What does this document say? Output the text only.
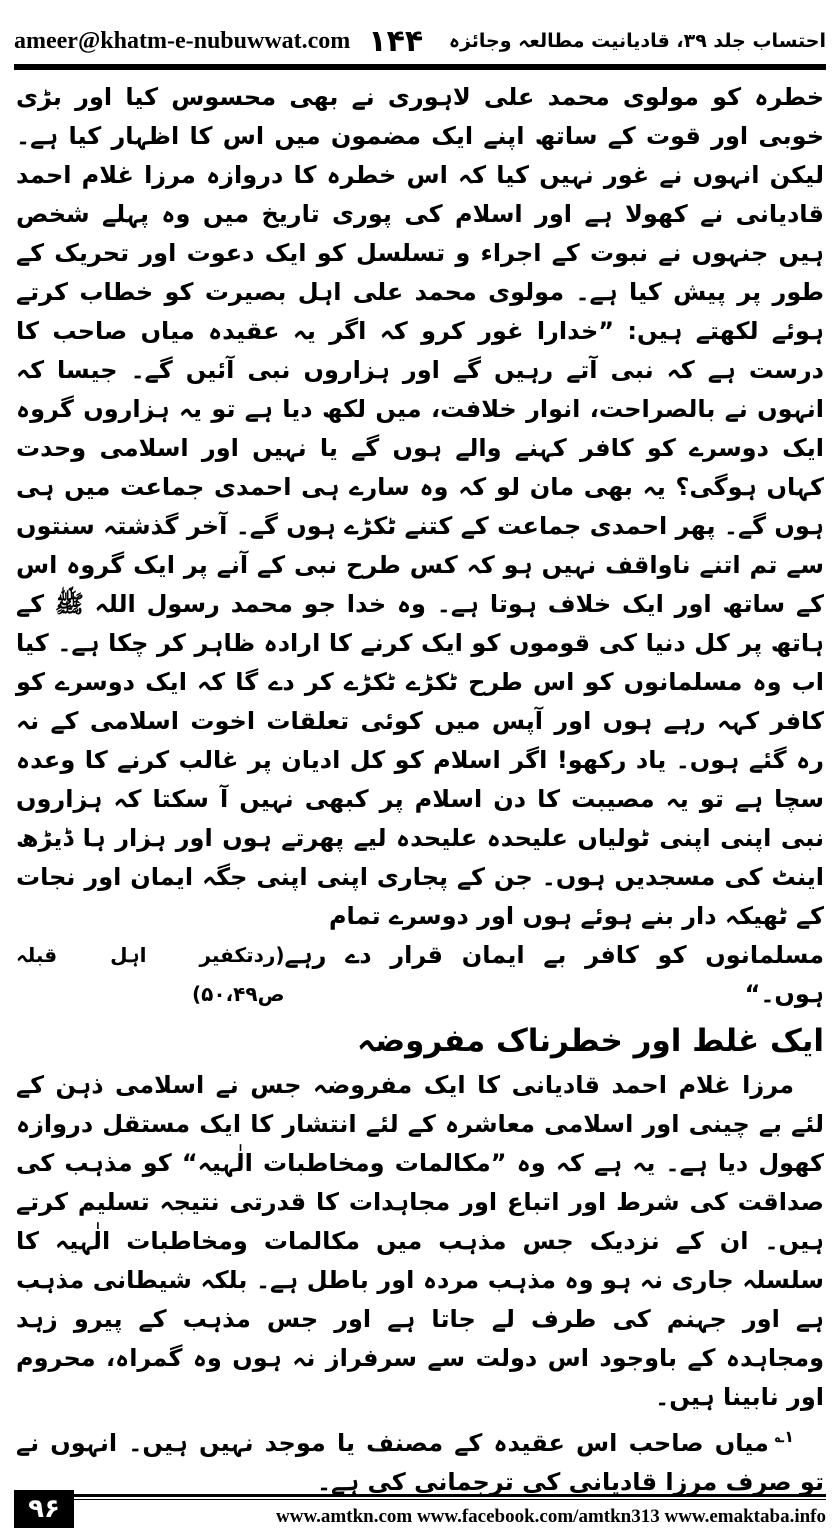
ameer@khatm-e-nubuwwat.com ۱۴۴ احتساب جلد ۳۹، قادیانیت مطالعہ وجائزہ

خطرہ کو مولوی محمد علی لاہوری نے بھی محسوس کیا اور بڑی خوبی اور قوت کے ساتھ اپنے ایک مضمون میں اس کا اظہار کیا ہے۔ لیکن انہوں نے غور نہیں کیا کہ اس خطرہ کا دروازہ مرزا غلام احمد قادیانی نے کھولا ہے اور اسلام کی پوری تاریخ میں وہ پہلے شخص ہیں جنہوں نے نبوت کے اجراء و تسلسل کو ایک دعوت اور تحریک کے طور پر پیش کیا ہے۔ مولوی محمد علی اہل بصیرت کو خطاب کرتے ہوئے لکھتے ہیں: ”خدارا غور کرو کہ اگر یہ عقیدہ میاں صاحب کا درست ہے کہ نبی آتے رہیں گے اور ہزاروں نبی آئیں گے۔ جیسا کہ انہوں نے بالصراحت، انوار خلافت، میں لکھ دیا ہے تو یہ ہزاروں گروہ ایک دوسرے کو کافر کہنے والے ہوں گے یا نہیں اور اسلامی وحدت کہاں ہوگی؟ یہ بھی مان لو کہ وہ سارے ہی احمدی جماعت میں ہی ہوں گے۔ پھر احمدی جماعت کے کتنے ٹکڑے ہوں گے۔ آخر گذشتہ سنتوں سے تم اتنے ناواقف نہیں ہو کہ کس طرح نبی کے آنے پر ایک گروہ اس کے ساتھ اور ایک خلاف ہوتا ہے۔ وہ خدا جو محمد رسول اللہ ﷺ کے ہاتھ پر کل دنیا کی قوموں کو ایک کرنے کا ارادہ ظاہر کر چکا ہے۔ کیا اب وہ مسلمانوں کو اس طرح ٹکڑے ٹکڑے کر دے گا کہ ایک دوسرے کو کافر کہہ رہے ہوں اور آپس میں کوئی تعلقات اخوت اسلامی کے نہ رہ گئے ہوں۔ یاد رکھو! اگر اسلام کو کل ادیان پر غالب کرنے کا وعدہ سچا ہے تو یہ مصیبت کا دن اسلام پر کبھی نہیں آ سکتا کہ ہزاروں نبی اپنی اپنی ٹولیاں علیحدہ علیحدہ لیے پھرتے ہوں اور ہزار ہا ڈیڑھ اینٹ کی مسجدیں ہوں۔ جن کے پجاری اپنی اپنی جگہ ایمان اور نجات کے ٹھیکہ دار بنے ہوئے ہوں اور دوسرے تمام

مسلمانوں کو کافر بے ایمان قرار دے رہے ہوں۔“
(ردتکفیر اہل قبلہ ص۵۰،۴۹)
ایک غلط اور خطرناک مفروضہ

مرزا غلام احمد قادیانی کا ایک مفروضہ جس نے اسلامی ذہن کے لئے بے چینی اور اسلامی معاشرہ کے لئے انتشار کا ایک مستقل دروازہ کھول دیا ہے۔ یہ ہے کہ وہ ”مکالمات ومخاطبات الٰہیہ“ کو مذہب کی صداقت کی شرط اور اتباع اور مجاہدات کا قدرتی نتیجہ تسلیم کرتے ہیں۔ ان کے نزدیک جس مذہب میں مکالمات ومخاطبات الٰہیہ کا سلسلہ جاری نہ ہو وہ مذہب مردہ اور باطل ہے۔ بلکہ شیطانی مذہب ہے اور جہنم کی طرف لے جاتا ہے اور جس مذہب کے پیرو زہد ومجاہدہ کے باوجود اس دولت سے سرفراز نہ ہوں وہ گمراہ، محروم اور نابینا ہیں۔

$^{۱؎}$میاں صاحب اس عقیدہ کے مصنف یا موجد نہیں ہیں۔ انہوں نے تو صرف مرزا قادیانی کی ترجمانی کی ہے۔

۹۶	www.amtkn.com www.facebook.com/amtkn313 www.emaktaba.info
